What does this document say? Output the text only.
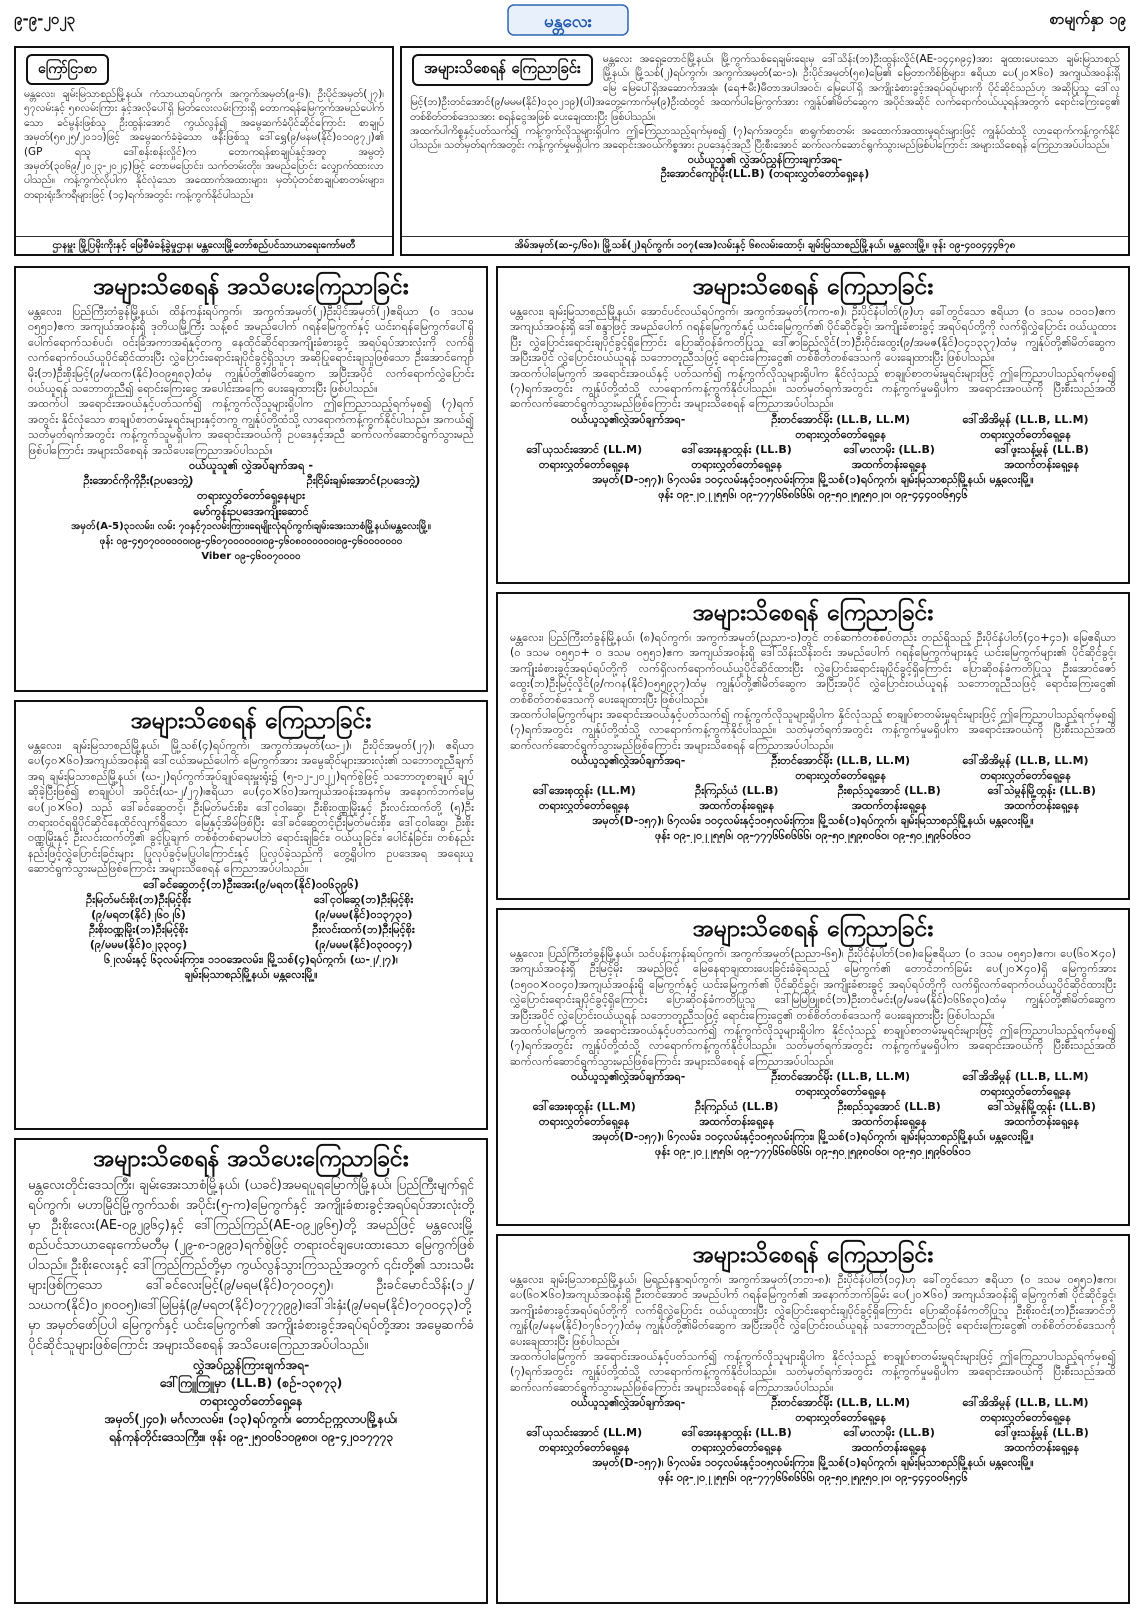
၉-၉-၂၀၂၃	မန္တလေး	စာမျက်နှာ ၁၉
ကြော်ငြာစာ
မန္တလေး၊ ချမ်းမြသာစည်မြို့နယ်၊ ကံသာယာရပ်ကွက်၊ အကွက်အမှတ်(၉-၆)၊ ဦးပိုင်အမှတ်(၂၇)၊ ၅၇လမ်းနှင့် ၅၈လမ်းကြား နှင့်အလိုပေါ်ရှိ မြတ်လေးလမ်းကြားရှိ တောကရန်မြေကွက်အမည်ပေါက်သော ခင်မွန်းဖြစ်သူ ဦးထွန်းအောင် ကွယ်လွန်၍ အမွေဆက်ခံပိုင်ဆိုင်ကြောင်း စာချုပ်အမှတ်(၅၈၂၅/၂၀၁၁)ဖြင့် အမွေဆက်ခံခဲ့သော ဖနီးဖြစ်သူ ဒေါ်ရွှေ(၉/မနမ(နိုင်)၀၁၀၉၇၂)၏ (GP ရသူ ဒေါ်စန်းစန်းလှိုင်)က တောကရန်စာချုပ်နှင့်အတူ အမွတဲ့အမှတ်(၃၀၆၉/၂၀၂၃-၂၀၂၄)ဖြင့် တောမပြောင်း၊ သက်တမ်းတိုး၊ အမည်ပြောင်း လျှောက်ထားလာပါသည်။ ကန့်ကွက်လိုပါက နိုင်လုံသော အထောက်အထားများ၊ မှတ်ပုံတင်စာချုပ်စာတမ်းများ၊ တရားရုံးဒီကရီများဖြင့် (၁၄)ရက်အတွင်း ကန့်ကွက်နိုင်ပါသည်။
ဌာနမှူး မြို့ပြမိုးကိုးနှင့် မြေစီမံခန့်ခွဲမှုဌာန၊ မန္တလေးမြို့တော်စည်ပင်သာယာရေးကော်မတီ
အများသိစေရန် ကြေညာခြင်း	မန္တလေး အရှေ့တောင်မြို့နယ်၊ မြို့ကွက်သစ်ရေချမ်းရေးမှ ဒေါ်သိန်း(ဘ)ဦးထွန်းလှိုင်(AE-၁၄၄၈၉၄)အား ချထားပေးသော ချမ်းမြသာစည်မြို့နယ်၊ မြို့သစ်(၂)ရပ်ကွက်၊ အကွက်အမှတ်(ဆ-၁)၊ ဦးပိုင်အမှတ်(၅၈)မြေ၏ မြေတာကိစ်စြဲများ၊ ဧရိယာ ပေ(၂၀×၆၀) အကျယ်အဝန်းရှိ မြေ မြေပေါ်ရှိအဆောက်အအုံ၊ (ရေ+မီး)မီတာအပါအဝင်၊ မြေပေါ်ရှိ အကျိုးခံစားခွင့်အရပ်ရပ်များကို ပိုင်ဆိုင်သည်ဟု အဆိုပြုသူ ဒေါ်လှမြင့်(ဘ)ဦးတင်အောင်(၉/မမမ(နိုင်)၀၃၀၂၁၉)(ပါ)အတွေ့ကောက်မှ(၉)ဦးထံတွင် အထက်ပါမြေကွက်အား ကျွန်ုပ်၏မိတ်ဆွေက အပိုင်အဆိုင် လက်ရောက်ဝယ်ယူရန်အတွက် ရောင်းကြေးငွေ၏ တစ်စိတ်တစ်ဒေသအား စရန်ငွေအဖြစ် ပေးချေထားပြီး ဖြစ်ပါသည်။
အထက်ပါကိစ္စနှင့်ပတ်သက်၍ ကန့်ကွက်လိုသူများရှိပါက ဤကြေညာသည့်ရက်မှစ၍ (၇)ရက်အတွင်း၊ စာရွက်စာတမ်း အထောက်အထားမှုရင်းများဖြင့် ကျွန်ုပ်ထံသို့ လာရောက်ကန့်ကွက်နိုင်ပါသည်။ သတ်မှတ်ရက်အတွင်း ကန့်ကွက်မှုမရှိပါက အရောင်းအဝယ်ကိစ္စအား ဥပဒေနှင့်အညီ ပြီးစီးအောင် ဆက်လက်ဆောင်ရွက်သွားမည်ဖြစ်ပါကြောင်း အများသိစေရန် ကြေညာအပ်ပါသည်။
ဝယ်ယူသူ၏ လွှဲအပ်ညွှန်ကြားချက်အရ-
ဦးအောင်ကျော်မိုး(LL.B) (တရားလွှတ်တော်ရှေ့နေ)
အိမ်အမှတ်(ဆ-၄/၆၀)၊ မြို့သစ်(၂)ရပ်ကွက်၊ ၁၀၇(အေ)လမ်းနှင့် ၆၈လမ်းထောင့်၊ ချမ်းမြသာစည်မြို့နယ်၊ မန္တလေးမြို့။ ဖုန်း ၀၉-၄၀၀၄၄၄၆၇၈
အများသိစေရန် အသိပေးကြေညာခြင်း
မန္တလေး၊ ပြည်ကြီးတံခွန်မြို့နယ်၊ ထိန်ကန်းရပ်ကွက်၊ အကွက်အမှတ်(၂)ဦးပိုင်အမှတ်(၂)ဧရိယာ (၀ ဒသမ ၀၅၅၁)ဧက အကျယ်အဝန်းရှိ ဒုတိယမြို့ကြီး သန့်စင် အမည်ပေါက် ဂရန်မြေကွက်နှင့် ယင်းဂရန်မြေကွက်ပေါ်ရှိ ပေါက်ရောက်သစ်ပင်၊ ဝင်းခြံအကာအရံနှင့်တကွ နေထိုင်ဆိုင်ရာအကျိုးခံစားခွင့် အရပ်ရပ်အားလုံးကို လက်ရှိလက်ရောက်ဝယ်ယူပိုင်ဆိုင်ထားပြီး လွှဲပြောင်းရောင်းချပိုင်ခွင့်ရှိသူဟု အဆိုပြုရောင်းချသူဖြစ်သော ဦးအောင်ကျော်မိုး(ဘ)ဦးစိုးမြင့်(၉/မထက(နိုင်)၀၀၉၅၈၃)ထံမှ ကျွန်ုပ်တို့၏မိတ်ဆွေက အပြီးအပိုင် လက်ရောက်လွှဲပြောင်း ဝယ်ယူရန် သဘောတူညီ၍ ရောင်းကြေးငွေ အပေါင်းအကြေ ပေးချေထားပြီး ဖြစ်ပါသည်။
အထက်ပါ အရောင်းအဝယ်နှင့်ပတ်သက်၍ ကန့်ကွက်လိုသူများရှိပါက ဤကြေညာသည့်ရက်မှစ၍ (၇)ရက်အတွင်း နိုင်လုံသော စာချုပ်စာတမ်းမှုရင်းများနှင့်တကွ ကျွန်ုပ်တို့ထံသို့ လာရောက်ကန့်ကွက်နိုင်ပါသည်။ အကယ်၍ သတ်မှတ်ရက်အတွင်း ကန့်ကွက်သူမရှိပါက အရောင်းအဝယ်ကို ဥပဒေနှင့်အညီ ဆက်လက်ဆောင်ရွက်သွားမည်ဖြစ်ပါကြောင်း အများသိစေရန် အသိပေးကြေညာအပ်ပါသည်။
ဝယ်ယူသူ၏ လွှဲအပ်ချက်အရ -
ဦးအောင်ကိုကိုဦး(ဥပဒေဘွဲ့)	ဦးငြိမ်းချမ်းအောင်(ဥပဒေဘွဲ့)
တရားလွှတ်တော်ရှေ့နေများ
မော်ကွန်းဥပဒေအကျိုးဆောင်
အမှတ်(A-5)၃၁လမ်း၊ လမ်း ၇၀နှင့်၇၁လမ်းကြား၊ရေမျိုးလုံရပ်ကွက်၊ချမ်းအေးသာစံမြို့နယ်၊မန္တလေးမြို့။
ဖုန်း ၀၉-၄၅၀၇၀၀၀၀၀၀၊၀၉-၄၆၀၇၀၀၀၀၀၀၊၀၉-၄၆၀၈၀၀၀၀၀၀၊၀၉-၄၆၀၀၀၀၀၀၀
Viber ၀၉-၄၆၀၀၇၀၀၀၀
အများသိစေရန် ကြေညာခြင်း
မန္တလေး၊ ချမ်းမြသာစည်မြို့နယ်၊ မြို့သစ်(၄)ရပ်ကွက်၊ အကွက်အမှတ်(ဃ-၂)၊ ဦးပိုင်အမှတ်(၂၇)၊ ဧရိယာ ပေ(၄၀×၆၀)အကျယ်အဝန်းရှိ ဒေါ်ငယ်အမည်ပေါက် မြေကွက်အား အမွေဆိုင်များအားလုံး၏ သဘောတူညီချက်အရ ချမ်းမြသာစည်မြို့နယ်၊ (ဃ-၂)ရပ်ကွက်အုပ်ချုပ်ရေးမှူးရုံး၌ (၅-၁၂-၂၀၂၂)ရက်စွဲဖြင့် သဘောတူစာချုပ် ချုပ်ဆိုခဲ့ပြီးဖြစ်၍ စာချုပ်ပါ အပိုင်း(ဃ-၂/၂၇)၊ဧရိယာ ပေ(၄၀×၆၀)အကျယ်အဝန်းအနက်မှ အနောက်ဘက်မြေ ပေ(၂၀×၆၀) သည် ဒေါ်ခင်ဆွေတင့်၊ ဦးမြတ်မင်းစိုး၊ ဒေါ်ငုဝါဆွေ၊ ဦးစိုးဝဏ္ဏမြိုးနှင့် ဦးလင်းထက်တို့ (၅)ဦး တရားဝင်ရရှိပိုင်ဆိုင်နေထိုင်လျက်ရှိသော မြေနှင့်အိမ်ဖြစ်ပြီး ဒေါ်ခင်ဆွေတင့်၊ဦးမြတ်မင်းစိုး၊ ဒေါ်ငုဝါဆွေ၊ ဦးစိုးဝဏ္ဏမြိုးနှင့် ဦးလင်းထက်တို့၏ ခွင့်ပြုချက် တစ်စုံတစ်ရာမပါဘဲ ရောင်းချခြင်း၊ ဝယ်ယူခြင်း၊ ပေါင်နှံခြင်း၊ တစ်နည်းနည်းဖြင့်လွှဲပြောင်းခြင်းများ ပြုလုပ်ခွင့်မပြုပါကြောင်းနှင့် ပြုလုပ်ခဲ့သည်ကို တွေ့ရှိပါက ဥပဒေအရ အရေးယူဆောင်ရွက်သွားမည်ဖြစ်ကြောင်း အများသိစေရန် ကြေညာအပ်ပါသည်။
ဒေါ်ခင်ဆွေတင့်(ဘ)ဦးအေး(၉/မရတ(နိုင်)၀၀၆၃၉၆)
ဦးမြတ်မင်းစိုး(ဘ)ဦးမြင့်စိုး	ဒေါ်ငုဝါဆွေ(ဘ)ဦးမြင့်စိုး
(၉/မရတ(နိုင်)၂၆၀၂၆)	(၉/မမမ(နိုင်)၀၁၃၇၃၁)
ဦးစိုးဝဏ္ဏမြိုး(ဘ)ဦးမြင့်စိုး	ဦးလင်းထက်(ဘ)ဦးမြင့်စိုး
(၉/မမမ(နိုင်)၀၂၃၃၀၄)	(၉/မမမ(နိုင်)၀၃၀၀၄၇)
၆၂လမ်းနှင့် ၆၃လမ်းကြား၊ ၁၁၀အေလမ်း၊ မြို့သစ်(၄)ရပ်ကွက်၊ (ဃ-၂/၂၇)၊
ချမ်းမြသာစည်မြို့နယ်၊ မန္တလေးမြို့။
အများသိစေရန် အသိပေးကြေညာခြင်း
မန္တလေးတိုင်းဒေသကြီး၊ ချမ်းအေးသာစံမြို့နယ်၊ (ယခင်)အမရပူရမြောက်မြို့နယ်၊ ပြည်ကြီးမျက်ရှင်ရပ်ကွက်၊ မဟာမြိုင်မြို့ကွက်သစ်၊ အပိုင်း(၅-က)မြေကွက်နှင့် အကျိုးခံစားခွင့်အရပ်ရပ်အားလုံးတို့မှာ ဦးစိုးလေး(AE-၀၉၂၉၆၄)နှင့် ဒေါ်ကြည်ကြည်(AE-၀၉၂၉၆၅)တို့ အမည်ဖြင့် မန္တလေးမြို့စည်ပင်သာယာရေးကော်မတီမှ (၂၉-၈-၁၉၉၁)ရက်စွဲဖြင့် တရားဝင်ချပေးထားသော မြေကွက်ဖြစ်ပါသည်။ ဦးစိုးလေးနှင့် ဒေါ်ကြည်ကြည်တို့မှာ ကွယ်လွန်သွားကြသည့်အတွက် ၎င်းတို့၏ သားသမီးများဖြစ်ကြသော ဒေါ်ခင်လေးမြင့်(၉/မရမ(နိုင်)၀၇၀၀၄၅)၊ ဦးခင်မောင်သိန်း(၁၂/သဃက(နိုင်)၀၂၈၀၀၅)၊ဒေါ်မြမြနှံ(၉/မရတ(နိုင်)၀၇၇၇၉၉)၊ဒေါ်ဒါးနှံး(၉/မရမ(နိုင်)၀၇၀၀၄၃)တို့မှာ အမှတ်ဖော်ပြပါ မြေကွက်နှင့် ယင်းမြေကွက်၏ အကျိုးခံစားခွင့်အရပ်ရပ်တို့အား အမွေဆက်ခံပိုင်ဆိုင်သူများဖြစ်ကြောင်း အများသိစေရန် အသိပေးကြေညာအပ်ပါသည်။
လွှဲအပ်ညွှန်ကြားချက်အရ-
ဒေါ်ကြူကြူမှာ (LL.B) (စဉ်-၁၃၈၇၃)
တရားလွှတ်တော်ရှေ့နေ
အမှတ်(၂၄၀)၊ မင်္ဂလာလမ်း၊ (၁၃)ရပ်ကွက်၊ တောင်ဥက္ကလာပမြို့နယ်၊
ရန်ကုန်တိုင်းဒေသကြီး။ ဖုန်း ၀၉-၂၅၀၀၆၁၀၉၈၀၊ ၀၉-၄၂၀၁၇၇၇၃
အများသိစေရန် ကြေညာခြင်း
မန္တလေး၊ ချမ်းမြသာစည်မြို့နယ်၊ အောင်ပင်လယ်ရပ်ကွက်၊ အကွက်အမှတ်(ကက-၈)၊ ဦးပိုင်နံပါတ်(၉)ဟု ခေါ်တွင်သော ဧရိယာ (၀ ဒသမ ၀၁၀၁)ဧက အကျယ်အဝန်းရှိ ဒေါ်စန္ဒာဖြင့် အမည်ပေါက် ဂရန်မြေကွက်နှင့် ယင်းမြေကွက်၏ ပိုင်ဆိုင်ခွင့်၊ အကျိုးခံစားခွင့် အရပ်ရပ်တို့ကို လက်ရှိလွှဲပြောင်း ဝယ်ယူထားပြီး လွှဲပြောင်းရောင်းချပိုင်ခွင့်ရှိကြောင်း ပြောဆိုဝန်ခံကတိပြုသူ ဒေါ်ဇာခြည်လှိုင်(ဘ)ဦးဝိုင်းထွေး(၉/အမဇ(နိုင်)၀၄၁၃၃၇)ထံမှ ကျွန်ုပ်တို့၏မိတ်ဆွေက အပြီးအပိုင် လွှဲပြောင်းဝယ်ယူရန် သဘောတူညီသဖြင့် ရောင်းကြေးငွေ၏ တစ်စိတ်တစ်ဒေသကို ပေးချေထားပြီး ဖြစ်ပါသည်။
အထက်ပါမြေကွက် အရောင်းအဝယ်နှင့် ပတ်သက်၍ ကန့်ကွက်လိုသူများရှိပါက နိုင်လုံသည့် စာချုပ်စာတမ်းမှုရင်းများဖြင့် ဤကြေညာပါသည့်ရက်မှစ၍ (၇)ရက်အတွင်း ကျွန်ုပ်တို့ထံသို့ လာရောက်ကန့်ကွက်နိုင်ပါသည်။ သတ်မှတ်ရက်အတွင်း ကန့်ကွက်မှုမရှိပါက အရောင်းအဝယ်ကို ပြီးစီးသည်အထိ ဆက်လက်ဆောင်ရွက်သွားမည်ဖြစ်ကြောင်း အများသိစေရန် ကြေညာအပ်ပါသည်။
ဝယ်ယူသူ၏လွှဲအပ်ချက်အရ-	ဦးတင်အောင်မိုး (LL.B, LL.M)	ဒေါ်အိအိမွန် (LL.B, LL.M)
တရားလွှတ်တော်ရှေ့နေ	တရားလွှတ်တော်ရှေ့နေ
ဒေါ်ယုသင်းအောင် (LL.M)	ဒေါ်အေးနန္ဒာထွန်း (LL.B)	ဒေါ်မာလာမိုး (LL.B)	ဒေါ်ဖူးသန့်မွန် (LL.B)
တရားလွှတ်တော်ရှေ့နေ	တရားလွှတ်တော်ရှေ့နေ	အထက်တန်းရှေ့နေ	အထက်တန်းရှေ့နေ
အမှတ်(D-၁၅၇)၊ ၆၇လမ်း၊ ၁၀၄လမ်းနှင့်၁၀၅လမ်းကြား၊ မြို့သစ်(၁)ရပ်ကွက်၊ ချမ်းမြသာစည်မြို့နယ်၊ မန္တလေးမြို့။
ဖုန်း ၀၉-၂၀၂၂၅၅၆၊ ၀၉-၇၇၇၆၆၈၆၆၆၊ ၀၉-၅၀၂၅၉၅၀၂၀၊ ၀၉-၄၄၄၀၀၆၅၄၆
အများသိစေရန် ကြေညာခြင်း
မန္တလေး၊ ပြည်ကြီးတံခွန်မြို့နယ်၊ (၈)ရပ်ကွက်၊ အကွက်အမှတ်(ညညာ-၁)တွင် တစ်ဆက်တစ်စပ်တည်း တည်ရှိသည့် ဦးပိုင်နံပါတ်(၄၀+၄၁)၊ မြေဧရိယာ (၀ ဒသမ ၀၅၅၁+ ၀ ဒသမ ၀၅၅၁)ဧက အကျယ်အဝန်းရှိ ဒေါ်သိန်းသိန်းဝင်း အမည်ပေါက် ဂရန်မြေကွက်များနှင့် ယင်းမြေကွက်များ၏ ပိုင်ဆိုင်ခွင့်၊ အကျိုးခံစားခွင့်အရပ်ရပ်တို့ကို လက်ရှိလက်ရောက်ဝယ်ယူပိုင်ဆိုင်ထားပြီး လွှဲပြောင်းရောင်းချပိုင်ခွင့်ရှိကြောင်း ပြောဆိုဝန်ခံကတိပြုသူ ဦးအောင်ဇော်ထွေး(ဘ)ဦးမြင့်လှိုင်(၉/ကဂန(နိုင်)၀၅၅၉၃၇)ထံမှ ကျွန်ုပ်တို့၏မိတ်ဆွေက အပြီးအပိုင် လွှဲပြောင်းဝယ်ယူရန် သဘောတူညီသဖြင့် ရောင်းကြေးငွေ၏ တစ်စိတ်တစ်ဒေသကို ပေးချေထားပြီး ဖြစ်ပါသည်။
အထက်ပါမြေကွက်များ အရောင်းအဝယ်နှင့်ပတ်သက်၍ ကန့်ကွက်လိုသူများရှိပါက နိုင်လုံသည့် စာချုပ်စာတမ်းမှုရင်းများဖြင့် ဤကြေညာပါသည့်ရက်မှစ၍ (၇)ရက်အတွင်း ကျွန်ုပ်တို့ထံသို့ လာရောက်ကန့်ကွက်နိုင်ပါသည်။ သတ်မှတ်ရက်အတွင်း ကန့်ကွက်မှုမရှိပါက အရောင်းအဝယ်ကို ပြီးစီးသည်အထိ ဆက်လက်ဆောင်ရွက်သွားမည်ဖြစ်ကြောင်း အများသိစေရန် ကြေညာအပ်ပါသည်။
ဝယ်ယူသူ၏လွှဲအပ်ချက်အရ-	ဦးတင်အောင်မိုး (LL.B, LL.M)	ဒေါ်အိအိမွန် (LL.B, LL.M)
တရားလွှတ်တော်ရှေ့နေ	တရားလွှတ်တော်ရှေ့နေ
ဒေါ်အေးစုထွန်း (LL.M)	ဦးကြည်ယံ (LL.B)	ဦးစည်သူအောင် (LL.B)	ဒေါ်သဲမွန်မြို့ထွန်း (LL.B)
တရားလွှတ်တော်ရှေ့နေ	အထက်တန်းရှေ့နေ	အထက်တန်းရှေ့နေ	အထက်တန်းရှေ့နေ
အမှတ်(D-၁၅၇)၊ ၆၇လမ်း၊ ၁၀၄လမ်းနှင့်၁၀၅လမ်းကြား၊ မြို့သစ်(၁)ရပ်ကွက်၊ ချမ်းမြသာစည်မြို့နယ်၊ မန္တလေးမြို့။
ဖုန်း ၀၉-၂၀၂၂၅၅၆၊ ၀၉-၇၇၇၆၆၈၆၆၆၊ ၀၉-၅၀၂၅၉၈၀၆၀၊ ၀၉-၅၀၂၅၉၆၀၆၀၁
အများသိစေရန် ကြေညာခြင်း
မန္တလေး၊ ပြည်ကြီးတံခွန်မြို့နယ်၊ သင်ပန်းကုန်းရပ်ကွက်၊ အကွက်အမှတ်(ညညာ-၆၅)၊ ဦးပိုင်နံပါတ်(၁၈)၊မြေဧရိယာ (၀ ဒသမ ၀၅၅၁)ဧက၊ ပေ(၆၀×၄၀) အကျယ်အဝန်းရှိ ဦးမြင့်မိုး အမည်ဖြင့် မြေနေရာချထားပေးခြင်းခံခဲ့ရသည့် မြေကွက်၏ တောင်ဘက်ခြမ်း ပေ(၂၀×၄၀)ရှိ မြေကွက်အား (၁၅၀၀×၀၀၄၀)အကျယ်အဝန်းရှိ မြေကွက်နှင့် ယင်းမြေကွက်၏ ပိုင်ဆိုင်ခွင့်၊ အကျိုးခံစားခွင့် အရပ်ရပ်တို့ကို လက်ရှိလက်ရောက်ဝယ်ယူပိုင်ဆိုင်ထားပြီး လွှဲပြောင်းရောင်းချပိုင်ခွင့်ရှိကြောင်း ပြောဆိုဝန်ခံကတိပြုသူ ဒေါ်မြမြဖြူစင်(ဘ)ဦးတင်မင်း(၉/မခမ(နိုင်)၀၆၆၈၃၀)ထံမှ ကျွန်ုပ်တို့၏မိတ်ဆွေက အပြီးအပိုင် လွှဲပြောင်းဝယ်ယူရန် သဘောတူညီသဖြင့် ရောင်းကြေးငွေ၏ တစ်စိတ်တစ်ဒေသကို ပေးချေထားပြီး ဖြစ်ပါသည်။
အထက်ပါမြေကွက် အရောင်းအဝယ်နှင့်ပတ်သက်၍ ကန့်ကွက်လိုသူများရှိပါက နိုင်လုံသည့် စာချုပ်စာတမ်းမှုရင်းများဖြင့် ဤကြေညာပါသည့်ရက်မှစ၍ (၇)ရက်အတွင်း ကျွန်ုပ်တို့ထံသို့ လာရောက်ကန့်ကွက်နိုင်ပါသည်။ သတ်မှတ်ရက်အတွင်း ကန့်ကွက်မှုမရှိပါက အရောင်းအဝယ်ကို ပြီးစီးသည်အထိ ဆက်လက်ဆောင်ရွက်သွားမည်ဖြစ်ကြောင်း အများသိစေရန် ကြေညာအပ်ပါသည်။
ဝယ်ယူသူ၏လွှဲအပ်ချက်အရ-	ဦးတင်အောင်မိုး (LL.B, LL.M)	ဒေါ်အိအိမွန် (LL.B, LL.M)
တရားလွှတ်တော်ရှေ့နေ	တရားလွှတ်တော်ရှေ့နေ
ဒေါ်အေးစုထွန်း (LL.M)	ဦးကြည်ယံ (LL.B)	ဦးစည်သူအောင် (LL.B)	ဒေါ်သဲမွန်မြို့ထွန်း (LL.B)
တရားလွှတ်တော်ရှေ့နေ	အထက်တန်းရှေ့နေ	အထက်တန်းရှေ့နေ	အထက်တန်းရှေ့နေ
အမှတ်(D-၁၅၇)၊ ၆၇လမ်း၊ ၁၀၄လမ်းနှင့်၁၀၅လမ်းကြား၊ မြို့သစ်(၁)ရပ်ကွက်၊ ချမ်းမြသာစည်မြို့နယ်၊ မန္တလေးမြို့။
ဖုန်း ၀၉-၂၀၂၂၅၅၆၊ ၀၉-၇၇၇၆၆၈၆၆၆၊ ၀၉-၅၀၂၅၉၈၀၆၀၊ ၀၉-၅၀၂၅၉၆၀၆၀၁
အများသိစေရန် ကြေညာခြင်း
မန္တလေး၊ ချမ်းမြသာစည်မြို့နယ်၊ မြရည်နန္ဒာရပ်ကွက်၊ အကွက်အမှတ်(ဘဘ-၈)၊ ဦးပိုင်နံပါတ်(၁၄)ဟု ခေါ်တွင်သော ဧရိယာ (၀ ဒသမ ၀၅၅၁)ဧက၊ပေ(၆၀×၆၀)အကျယ်အဝန်းရှိ ဦးတင်အောင် အမည်ပါက် ဂရန်မြေကွက်၏ အနောက်ဘက်ခြမ်း ပေ(၂၀×၆၀) အကျယ်အဝန်းရှိ မြေကွက်၏ ပိုင်ဆိုင်ခွင့်၊ အကျိုးခံစားခွင့်အရပ်ရပ်တို့ကို လက်ရှိလွှဲပြောင်း ဝယ်ယူထားပြီး လွှဲပြောင်းရောင်းချပိုင်ခွင့်ရှိကြောင်း ပြောဆိုဝန်ခံကတိပြုသူ ဦးစိုးဝင်း(ဘ)ဦးအောင်ဘိုကျွန်(၉/မနမ(နိုင်)၀၇၆၁၇၇)ထံမှ ကျွန်ုပ်တို့၏မိတ်ဆွေက အပြီးအပိုင် လွှဲပြောင်းဝယ်ယူရန် သဘောတူညီသဖြင့် ရောင်းကြေးငွေ၏ တစ်စိတ်တစ်ဒေသကို ပေးချေထားပြီး ဖြစ်ပါသည်။
အထက်ပါမြေကွက် အရောင်းအဝယ်နှင့်ပတ်သက်၍ ကန့်ကွက်လိုသူများရှိပါက နိုင်လုံသည့် စာချုပ်စာတမ်းမှုရင်းများဖြင့် ဤကြေညာပါသည့်ရက်မှစ၍ (၇)ရက်အတွင်း ကျွန်ုပ်တို့ထံသို့ လာရောက်ကန့်ကွက်နိုင်ပါသည်။ သတ်မှတ်ရက်အတွင်း ကန့်ကွက်မှုမရှိပါက အရောင်းအဝယ်ကို ပြီးစီးသည်အထိ ဆက်လက်ဆောင်ရွက်သွားမည်ဖြစ်ကြောင်း အများသိစေရန် ကြေညာအပ်ပါသည်။
ဝယ်ယူသူ၏လွှဲအပ်ချက်အရ-	ဦးတင်အောင်မိုး (LL.B, LL.M)	ဒေါ်အိအိမွန် (LL.B, LL.M)
တရားလွှတ်တော်ရှေ့နေ	တရားလွှတ်တော်ရှေ့နေ
ဒေါ်ယုသင်းအောင် (LL.M)	ဒေါ်အေးနန္ဒာထွန်း (LL.B)	ဒေါ်မာလာမိုး (LL.B)	ဒေါ်ဖူးသန့်မွန် (LL.B)
တရားလွှတ်တော်ရှေ့နေ	တရားလွှတ်တော်ရှေ့နေ	အထက်တန်းရှေ့နေ	အထက်တန်းရှေ့နေ
အမှတ်(D-၁၅၇)၊ ၆၇လမ်း၊ ၁၀၄လမ်းနှင့်၁၀၅လမ်းကြား၊ မြို့သစ်(၁)ရပ်ကွက်၊ ချမ်းမြသာစည်မြို့နယ်၊ မန္တလေးမြို့။
ဖုန်း ၀၉-၂၀၂၂၅၅၆၊ ၀၉-၇၇၇၆၆၈၆၆၆၊ ၀၉-၅၀၂၅၉၅၀၂၀၊ ၀၉-၄၄၄၀၀၆၅၄၆
